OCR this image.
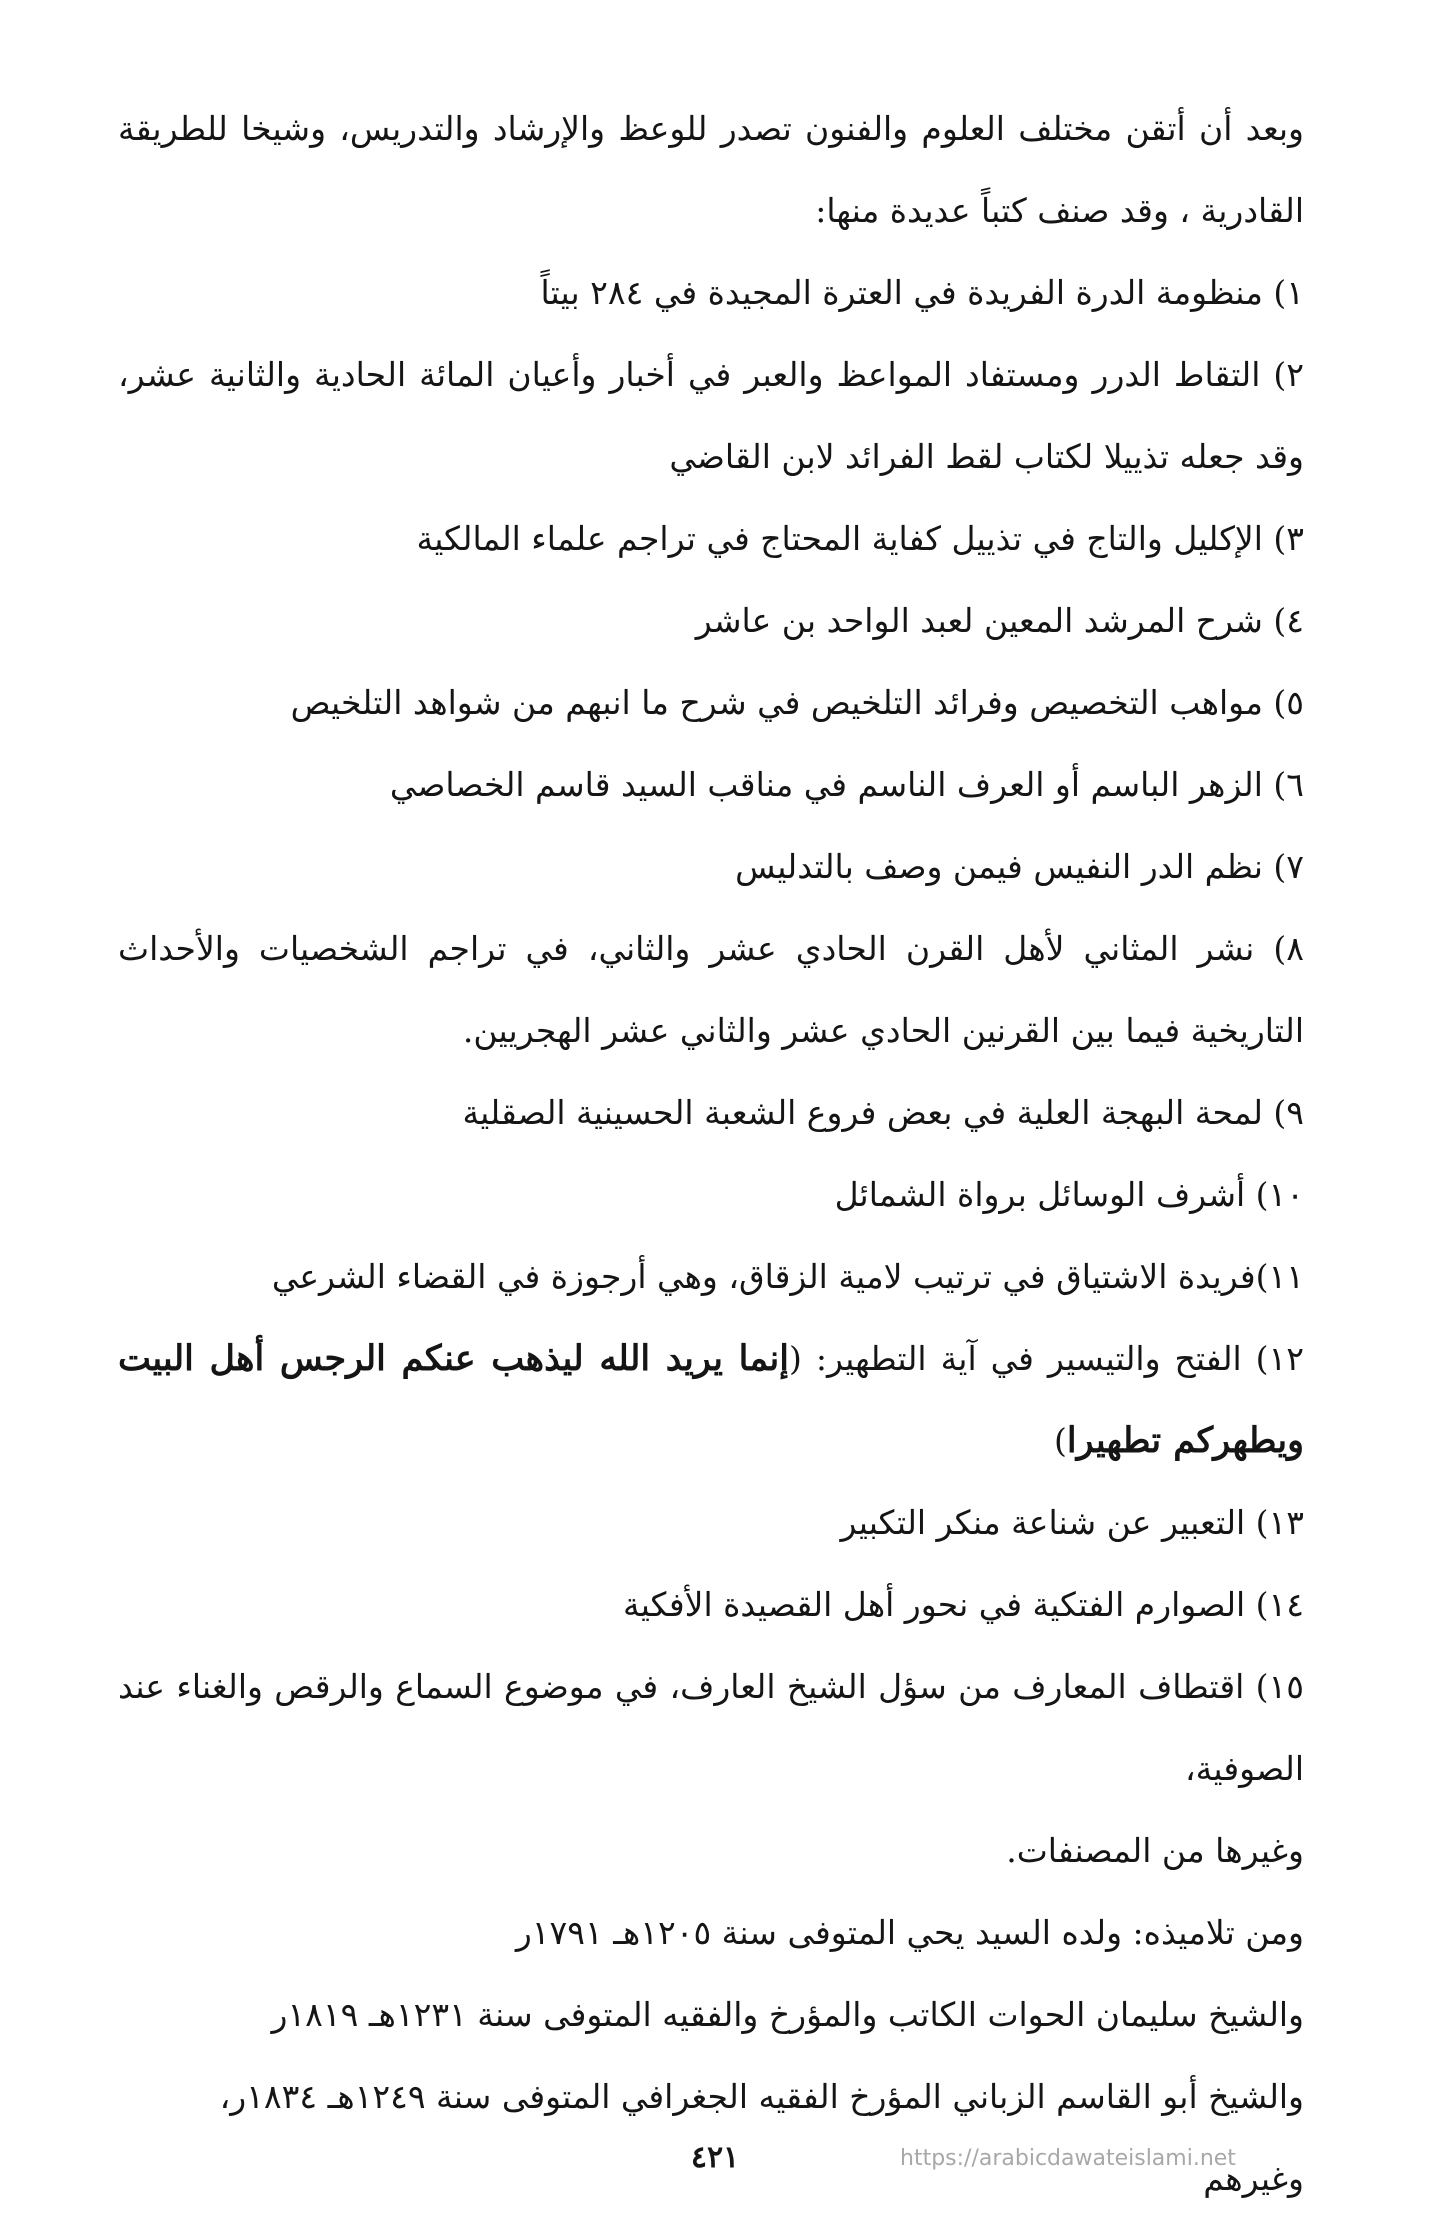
وبعد أن أتقن مختلف العلوم والفنون تصدر للوعظ والإرشاد والتدريس، وشيخا للطريقة القادرية ، وقد صنف كتباً عديدة منها:

١) منظومة الدرة الفريدة في العترة المجيدة في ٢٨٤ بيتاً

٢) التقاط الدرر ومستفاد المواعظ والعبر في أخبار وأعيان المائة الحادية والثانية عشر، وقد جعله تذييلا لكتاب لقط الفرائد لابن القاضي

٣) الإكليل والتاج في تذييل كفاية المحتاج في تراجم علماء المالكية

٤) شرح المرشد المعين لعبد الواحد بن عاشر

٥) مواهب التخصيص وفرائد التلخيص في شرح ما انبهم من شواهد التلخيص

٦) الزهر الباسم أو العرف الناسم في مناقب السيد قاسم الخصاصي

٧) نظم الدر النفيس فيمن وصف بالتدليس

٨) نشر المثاني لأهل القرن الحادي عشر والثاني، في تراجم الشخصيات والأحداث التاريخية فيما بين القرنين الحادي عشر والثاني عشر الهجريين.

٩) لمحة البهجة العلية في بعض فروع الشعبة الحسينية الصقلية

١٠) أشرف الوسائل برواة الشمائل

١١)فريدة الاشتياق في ترتيب لامية الزقاق، وهي أرجوزة في القضاء الشرعي

١٢) الفتح والتيسير في آية التطهير: (إنما يريد الله ليذهب عنكم الرجس أهل البيت ويطهركم تطهيرا)

١٣) التعبير عن شناعة منكر التكبير

١٤) الصوارم الفتكية في نحور أهل القصيدة الأفكية

١٥) اقتطاف المعارف من سؤل الشيخ العارف، في موضوع السماع والرقص والغناء عند الصوفية،

وغيرها من المصنفات.

ومن تلاميذه: ولده السيد يحي المتوفى سنة ١٢٠٥هـ ١٧٩١ر

والشيخ سليمان الحوات الكاتب والمؤرخ والفقيه المتوفى سنة ١٢٣١هـ ١٨١٩ر

والشيخ أبو القاسم الزباني المؤرخ الفقيه الجغرافي المتوفى سنة ١٢٤٩هـ ١٨٣٤ر، وغيرهم

٤٢١	https://arabicdawateislami.net
